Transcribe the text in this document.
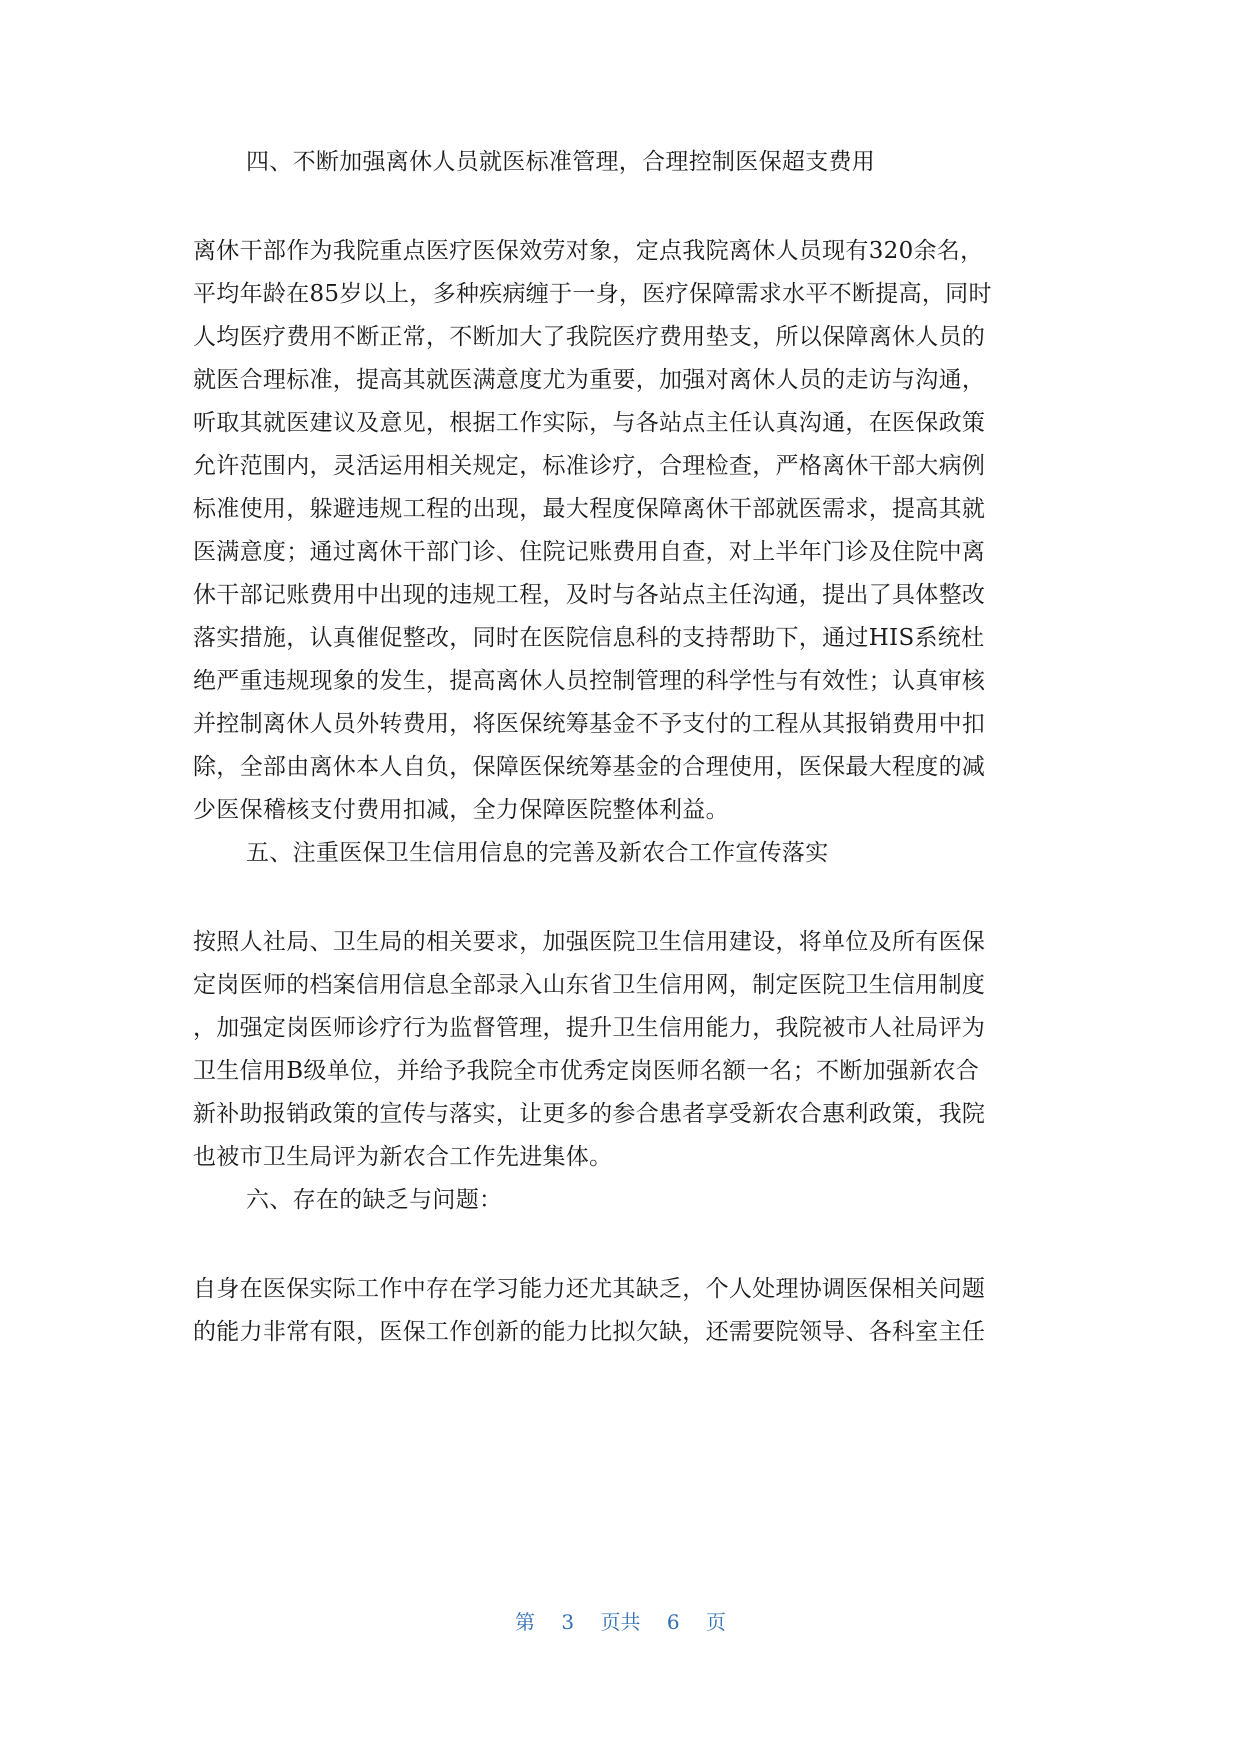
四、不断加强离休人员就医标准管理，合理控制医保超支费用
离休干部作为我院重点医疗医保效劳对象，定点我院离休人员现有320余名，
平均年龄在85岁以上，多种疾病缠于一身，医疗保障需求水平不断提高，同时
人均医疗费用不断正常，不断加大了我院医疗费用垫支，所以保障离休人员的
就医合理标准，提高其就医满意度尤为重要，加强对离休人员的走访与沟通，
听取其就医建议及意见，根据工作实际，与各站点主任认真沟通，在医保政策
允许范围内，灵活运用相关规定，标准诊疗，合理检查，严格离休干部大病例
标准使用，躲避违规工程的出现，最大程度保障离休干部就医需求，提高其就
医满意度；通过离休干部门诊、住院记账费用自查，对上半年门诊及住院中离
休干部记账费用中出现的违规工程，及时与各站点主任沟通，提出了具体整改
落实措施，认真催促整改，同时在医院信息科的支持帮助下，通过HIS系统杜
绝严重违规现象的发生，提高离休人员控制管理的科学性与有效性；认真审核
并控制离休人员外转费用，将医保统筹基金不予支付的工程从其报销费用中扣
除，全部由离休本人自负，保障医保统筹基金的合理使用，医保最大程度的减
少医保稽核支付费用扣减，全力保障医院整体利益。
五、注重医保卫生信用信息的完善及新农合工作宣传落实
按照人社局、卫生局的相关要求，加强医院卫生信用建设，将单位及所有医保
定岗医师的档案信用信息全部录入山东省卫生信用网，制定医院卫生信用制度
，加强定岗医师诊疗行为监督管理，提升卫生信用能力，我院被市人社局评为
卫生信用B级单位，并给予我院全市优秀定岗医师名额一名；不断加强新农合
新补助报销政策的宣传与落实，让更多的参合患者享受新农合惠利政策，我院
也被市卫生局评为新农合工作先进集体。
六、存在的缺乏与问题：
自身在医保实际工作中存在学习能力还尤其缺乏，个人处理协调医保相关问题
的能力非常有限，医保工作创新的能力比拟欠缺，还需要院领导、各科室主任
第 3 页共 6 页
